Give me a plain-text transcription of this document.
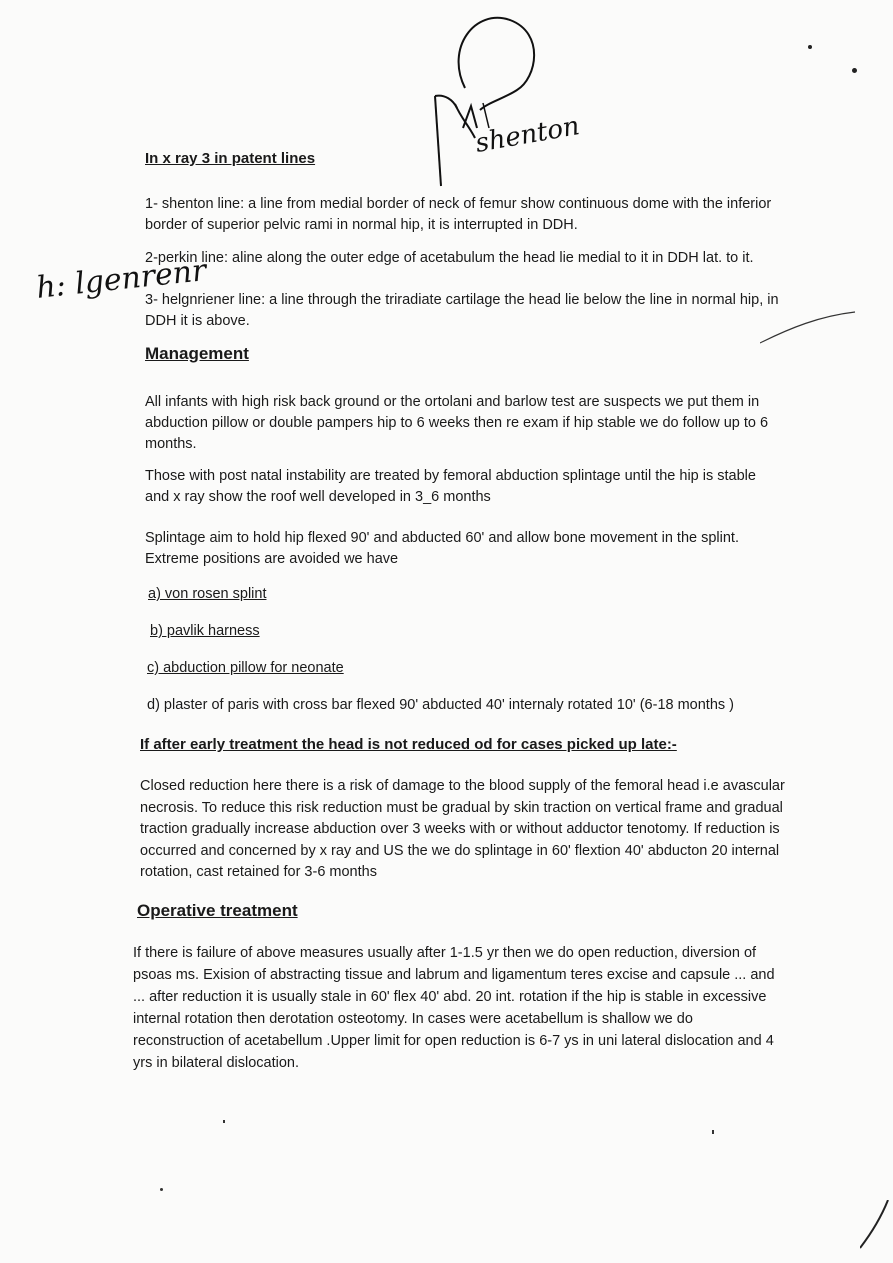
shenton
h: lgenrenr
In x ray 3 in patent lines
1- shenton line: a line from medial border of neck of femur show continuous dome with the inferior border of superior pelvic rami in normal hip, it is interrupted in DDH.
2-perkin line: aline along the outer edge of acetabulum the head lie medial to it in DDH lat. to it.
3- helgnriener line: a line through the triradiate cartilage the head lie below the line in normal hip, in DDH it is above.
Management
All infants with high risk back ground or the ortolani and barlow test are suspects we put them in abduction pillow or double pampers hip to 6 weeks then re exam if hip stable we do follow up to 6 months.
Those with post natal instability are treated by femoral abduction splintage until the hip is stable and x ray show the roof well developed in 3_6 months
Splintage aim to hold hip flexed 90' and abducted 60' and allow bone movement in the splint. Extreme positions are avoided we have
a) von rosen splint
b) pavlik harness
c) abduction pillow for neonate
d) plaster of paris with cross bar flexed 90' abducted 40' internaly rotated 10' (6-18 months )
If after early treatment the head is not reduced od for cases picked up late:-
Closed reduction here there is a risk of damage to the blood supply of the femoral head i.e avascular necrosis. To reduce this risk reduction must be gradual by skin traction on vertical frame and gradual traction gradually increase abduction over 3 weeks with or without adductor tenotomy. If reduction is occurred and concerned by x ray and US the we do splintage in 60' flextion 40' abducton 20 internal rotation, cast retained for 3-6 months
Operative treatment
If there is failure of above measures usually after 1-1.5 yr then we do open reduction, diversion of psoas ms. Exision of abstracting tissue and labrum and ligamentum teres excise and capsule ... and ... after reduction it is usually stale in 60' flex 40' abd. 20 int. rotation if the hip is stable in excessive internal rotation then derotation osteotomy. In cases were acetabellum is shallow we do reconstruction of acetabellum .Upper limit for open reduction is 6-7 ys in uni lateral dislocation and 4 yrs in bilateral dislocation.
